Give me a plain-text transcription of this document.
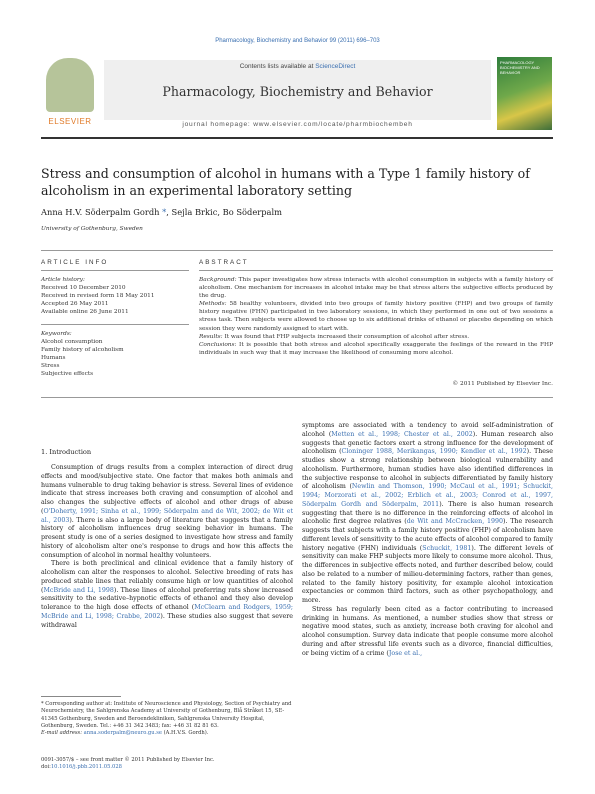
Pharmacology, Biochemistry and Behavior 99 (2011) 696–703
ELSEVIER
Contents lists available at ScienceDirect
Pharmacology, Biochemistry and Behavior
journal homepage: www.elsevier.com/locate/pharmbiochembeh
PHARMACOLOGY BIOCHEMISTRY AND BEHAVIOR
Stress and consumption of alcohol in humans with a Type 1 family history of alcoholism in an experimental laboratory setting
Anna H.V. Söderpalm Gordh *, Sejla Brkic, Bo Söderpalm
University of Gothenburg, Sweden
ARTICLE INFO	ABSTRACT
Article history:
Received 10 December 2010
Received in revised form 18 May 2011
Accepted 26 May 2011
Available online 26 June 2011
Keywords:
Alcohol consumption
Family history of alcoholism
Humans
Stress
Subjective effects

Background: This paper investigates how stress interacts with alcohol consumption in subjects with a family history of alcoholism. One mechanism for increases in alcohol intake may be that stress alters the subjective effects produced by the drug.

Methods: 58 healthy volunteers, divided into two groups of family history positive (FHP) and two groups of family history negative (FHN) participated in two laboratory sessions, in which they performed in one out of two sessions a stress task. Then subjects were allowed to choose up to six additional drinks of ethanol or placebo depending on which session they were randomly assigned to start with.

Results: It was found that FHP subjects increased their consumption of alcohol after stress.

Conclusions: It is possible that both stress and alcohol specifically exaggerate the feelings of the reward in the FHP individuals in such way that it may increase the likelihood of consuming more alcohol.

© 2011 Published by Elsevier Inc.
1. Introduction

Consumption of drugs results from a complex interaction of direct drug effects and mood/subjective state. One factor that makes both animals and humans vulnerable to drug taking behavior is stress. Several lines of evidence indicate that stress increases both craving and consumption of alcohol and also changes the subjective effects of alcohol and other drugs of abuse (O'Doherty, 1991; Sinha et al., 1999; Söderpalm and de Wit, 2002; de Wit et al., 2003). There is also a large body of literature that suggests that a family history of alcoholism influences drug seeking behavior in humans. The present study is one of a series designed to investigate how stress and family history of alcoholism alter one's response to drugs and how this affects the consumption of alcohol in normal healthy volunteers.

There is both preclinical and clinical evidence that a family history of alcoholism can alter the responses to alcohol. Selective breeding of rats has produced stable lines that reliably consume high or low quantities of alcohol (McBride and Li, 1998). These lines of alcohol preferring rats show increased sensitivity to the sedative–hypnotic effects of ethanol and they also develop tolerance to the high dose effects of ethanol (McClearn and Rodgers, 1959; McBride and Li, 1998; Crabbe, 2002). These studies also suggest that severe withdrawal

symptoms are associated with a tendency to avoid self-administration of alcohol (Metten et al., 1998; Chester et al., 2002). Human research also suggests that genetic factors exert a strong influence for the development of alcoholism (Cloninger 1988, Merikangas, 1990; Kendler et al., 1992). These studies show a strong relationship between biological vulnerability and alcoholism. Furthermore, human studies have also identified differences in the subjective response to alcohol in subjects differentiated by family history of alcoholism (Newlin and Thomson, 1990; McCaul et al., 1991; Schuckit, 1994; Morzorati et al., 2002; Erblich et al., 2003; Conrod et al., 1997, Söderpalm Gordh and Söderpalm, 2011). There is also human research suggesting that there is no difference in the reinforcing effects of alcohol in alcoholic first degree relatives (de Wit and McCracken, 1990). The research suggests that subjects with a family history positive (FHP) of alcoholism have different levels of sensitivity to the acute effects of alcohol compared to family history negative (FHN) individuals (Schuckit, 1981). The different levels of sensitivity can make FHP subjects more likely to consume more alcohol. Thus, the differences in subjective effects noted, and further described below, could also be related to a number of milieu-determining factors, rather than genes, related to the family history positivity, for example alcohol intoxication expectancies or common third factors, such as other psychopathology, and more.

Stress has regularly been cited as a factor contributing to increased drinking in humans. As mentioned, a number studies show that stress or negative mood states, such as anxiety, increase both craving for alcohol and alcohol consumption. Survey data indicate that people consume more alcohol during and after stressful life events such as a divorce, financial difficulties, or being victim of a crime (Jose et al.,

* Corresponding author at: Institute of Neuroscience and Physiology, Section of Psychiatry and Neurochemistry, the Sahlgrenska Academy at University of Gothenburg, Blå Stråket 15, SE-41345 Gothenburg, Sweden and Beroendekliniken, Sahlgrenska University Hospital, Gothenburg, Sweden. Tel.: +46 31 342 3483; fax: +46 31 82 81 63.

E-mail address: anna.soderpalm@neuro.gu.se (A.H.V.S. Gordh).

0091-3057/$ – see front matter © 2011 Published by Elsevier Inc.
doi:10.1016/j.pbb.2011.05.028
